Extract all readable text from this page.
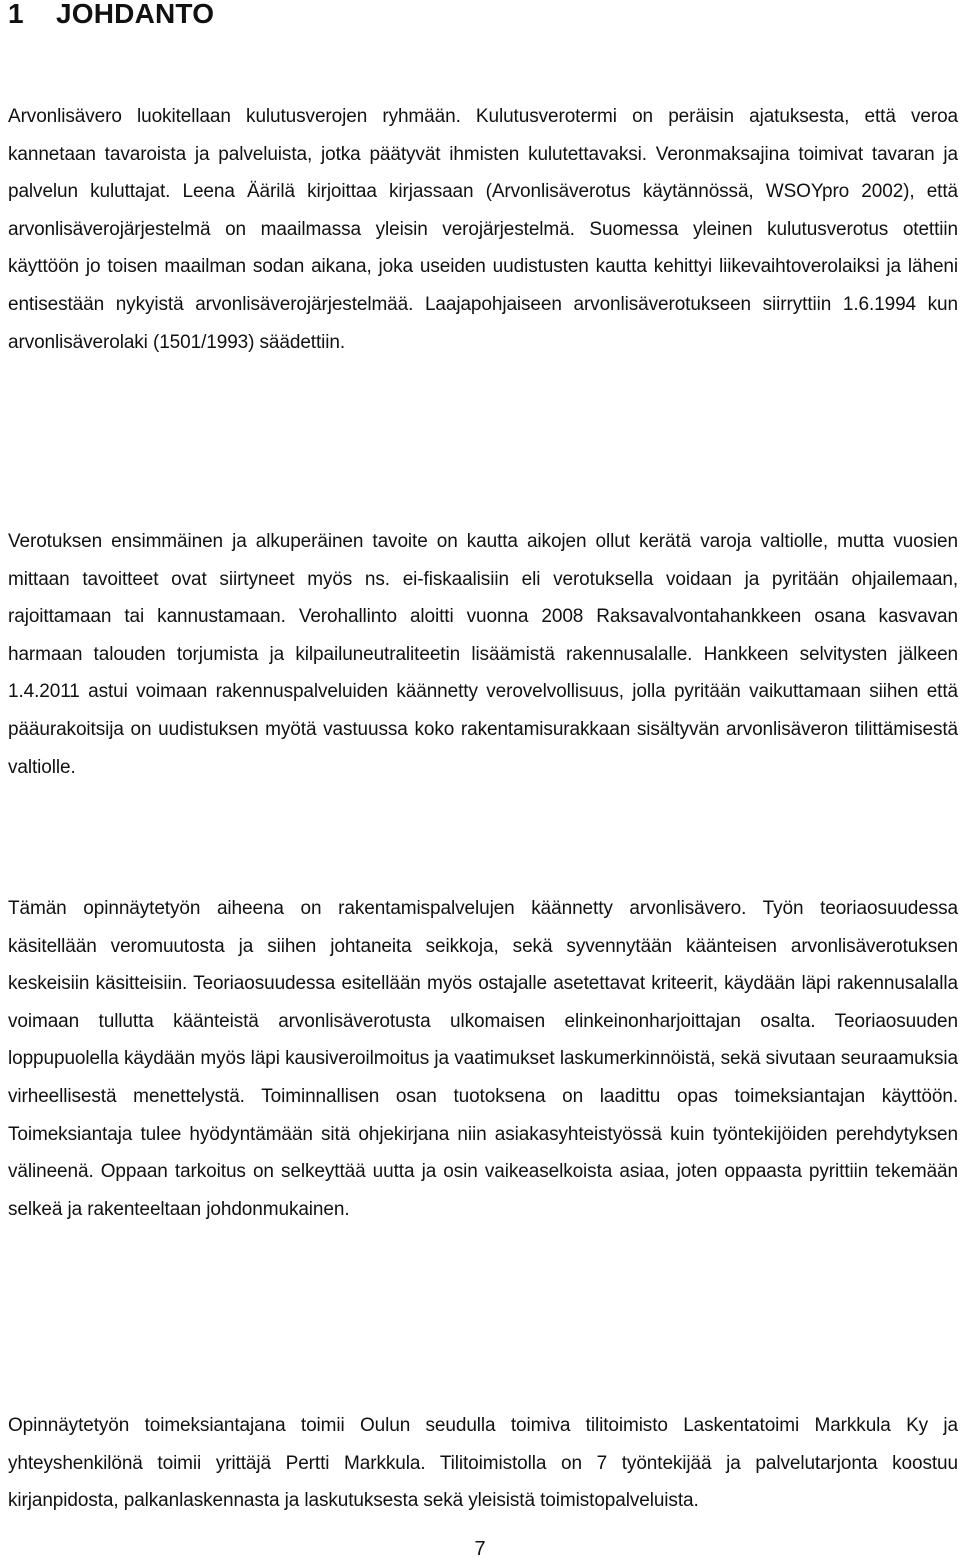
1 JOHDANTO

Arvonlisävero luokitellaan kulutusverojen ryhmään. Kulutusverotermi on peräisin ajatuksesta, että veroa kannetaan tavaroista ja palveluista, jotka päätyvät ihmisten kulutettavaksi. Veronmaksajina toimivat tavaran ja palvelun kuluttajat. Leena Äärilä kirjoittaa kirjassaan (Arvonlisäverotus käytännössä, WSOYpro 2002), että arvonlisäverojärjestelmä on maailmassa yleisin verojärjestelmä. Suomessa yleinen kulutusverotus otettiin käyttöön jo toisen maailman sodan aikana, joka useiden uudistusten kautta kehittyi liikevaihtoverolaiksi ja läheni entisestään nykyistä arvonlisäverojärjestelmää. Laajapohjaiseen arvonlisäverotukseen siirryttiin 1.6.1994 kun arvonlisäverolaki (1501/1993) säädettiin.

Verotuksen ensimmäinen ja alkuperäinen tavoite on kautta aikojen ollut kerätä varoja valtiolle, mutta vuosien mittaan tavoitteet ovat siirtyneet myös ns. ei-fiskaalisiin eli verotuksella voidaan ja pyritään ohjailemaan, rajoittamaan tai kannustamaan. Verohallinto aloitti vuonna 2008 Raksavalvontahankkeen osana kasvavan harmaan talouden torjumista ja kilpailuneutraliteetin lisäämistä rakennusalalle. Hankkeen selvitysten jälkeen 1.4.2011 astui voimaan rakennuspalveluiden käännetty verovelvollisuus, jolla pyritään vaikuttamaan siihen että pääurakoitsija on uudistuksen myötä vastuussa koko rakentamisurakkaan sisältyvän arvonlisäveron tilittämisestä valtiolle.

Tämän opinnäytetyön aiheena on rakentamispalvelujen käännetty arvonlisävero. Työn teoriaosuudessa käsitellään veromuutosta ja siihen johtaneita seikkoja, sekä syvennytään käänteisen arvonlisäverotuksen keskeisiin käsitteisiin. Teoriaosuudessa esitellään myös ostajalle asetettavat kriteerit, käydään läpi rakennusalalla voimaan tullutta käänteistä arvonlisäverotusta ulkomaisen elinkeinonharjoittajan osalta. Teoriaosuuden loppupuolella käydään myös läpi kausiveroilmoitus ja vaatimukset laskumerkinnöistä, sekä sivutaan seuraamuksia virheellisestä menettelystä. Toiminnallisen osan tuotoksena on laadittu opas toimeksiantajan käyttöön. Toimeksiantaja tulee hyödyntämään sitä ohjekirjana niin asiakasyhteistyössä kuin työntekijöiden perehdytyksen välineenä. Oppaan tarkoitus on selkeyttää uutta ja osin vaikeaselkoista asiaa, joten oppaasta pyrittiin tekemään selkeä ja rakenteeltaan johdonmukainen.

Opinnäytetyön toimeksiantajana toimii Oulun seudulla toimiva tilitoimisto Laskentatoimi Markkula Ky ja yhteyshenkilönä toimii yrittäjä Pertti Markkula. Tilitoimistolla on 7 työntekijää ja palvelutarjonta koostuu kirjanpidosta, palkanlaskennasta ja laskutuksesta sekä yleisistä toimistopalveluista.

7
